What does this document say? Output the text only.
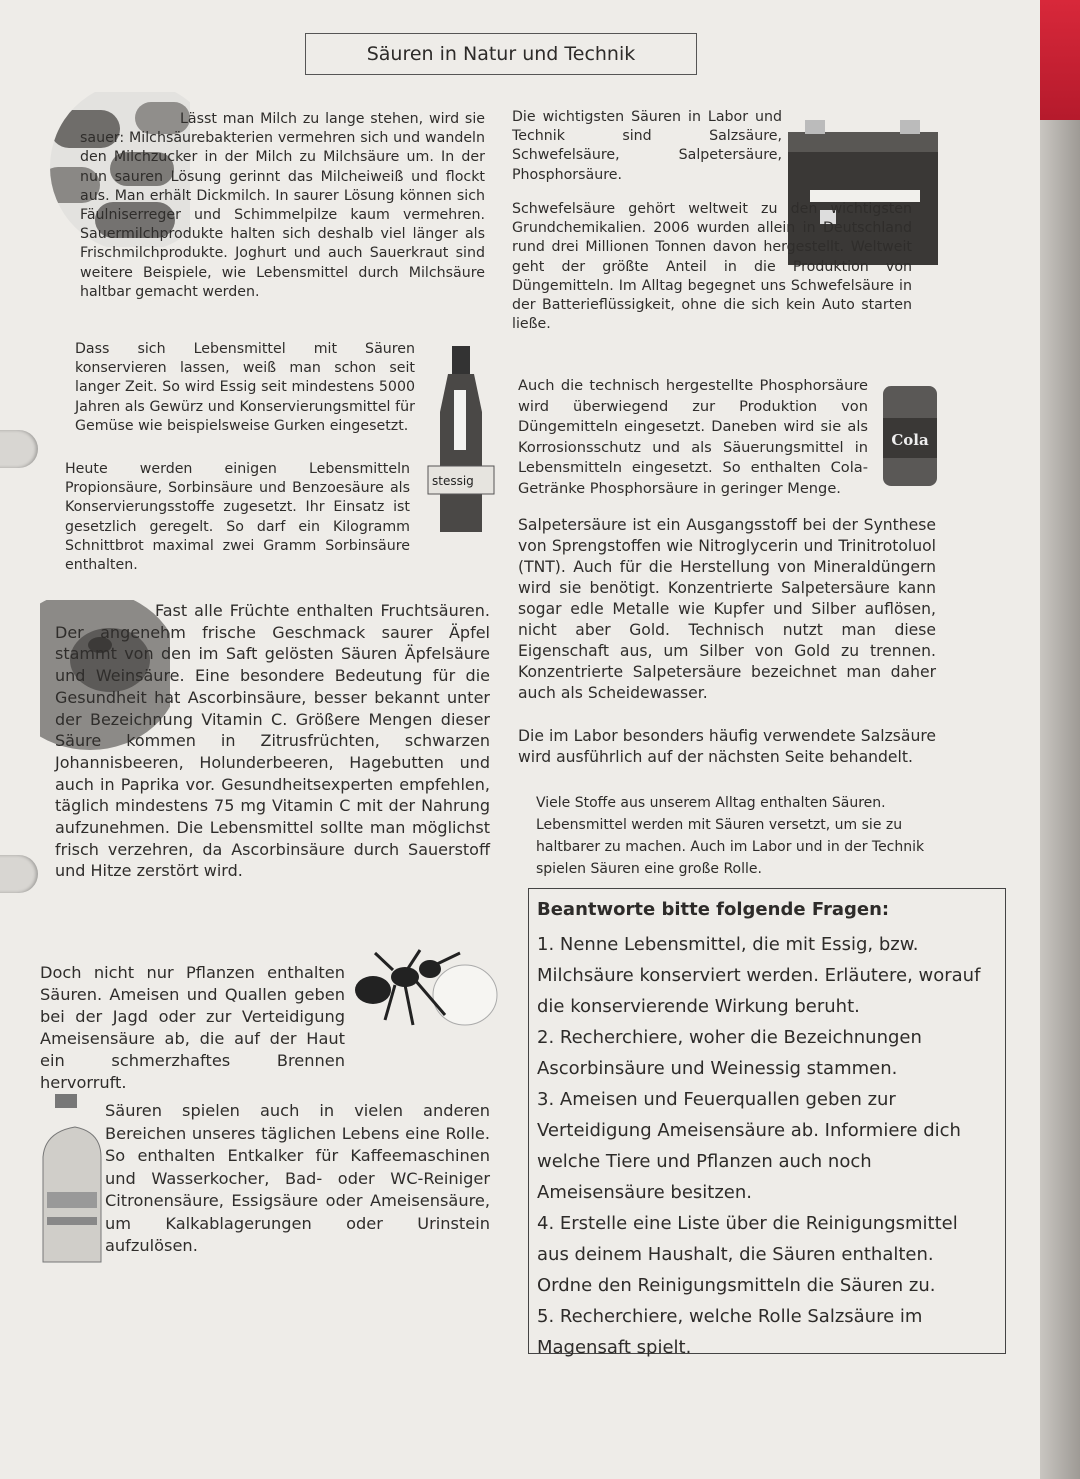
Säuren in Natur und Technik
Lässt man Milch zu lange stehen, wird sie sauer: Milchsäurebakterien vermehren sich und wandeln den Milchzucker in der Milch zu Milchsäure um. In der nun sauren Lösung gerinnt das Milcheiweiß und flockt aus. Man erhält Dickmilch. In saurer Lösung können sich Fäulniserreger und Schimmelpilze kaum vermehren. Sauermilchprodukte halten sich deshalb viel länger als Frischmilchprodukte. Joghurt und auch Sauerkraut sind weitere Beispiele, wie Lebensmittel durch Milchsäure haltbar gemacht werden.
stessig
Dass sich Lebensmittel mit Säuren konservieren lassen, weiß man schon seit langer Zeit. So wird Essig seit mindestens 5000 Jahren als Gewürz und Konservierungsmittel für Gemüse wie beispielsweise Gurken eingesetzt.
Heute werden einigen Lebensmitteln Propionsäure, Sorbinsäure und Benzoesäure als Konservierungsstoffe zugesetzt. Ihr Einsatz ist gesetzlich geregelt. So darf ein Kilogramm Schnittbrot maximal zwei Gramm Sorbinsäure enthalten.
Fast alle Früchte enthalten Fruchtsäuren. Der angenehm frische Geschmack saurer Äpfel stammt von den im Saft gelösten Säuren Äpfelsäure und Weinsäure. Eine besondere Bedeutung für die Gesundheit hat Ascorbinsäure, besser bekannt unter der Bezeichnung Vitamin C. Größere Mengen dieser Säure kommen in Zitrusfrüchten, schwarzen Johannisbeeren, Holunderbeeren, Hagebutten und auch in Paprika vor. Gesundheitsexperten empfehlen, täglich mindestens 75 mg Vitamin C mit der Nahrung aufzunehmen. Die Lebensmittel sollte man möglichst frisch verzehren, da Ascorbinsäure durch Sauerstoff und Hitze zerstört wird.
Doch nicht nur Pflanzen enthalten Säuren. Ameisen und Quallen geben bei der Jagd oder zur Verteidigung Ameisensäure ab, die auf der Haut ein schmerzhaftes Brennen hervorruft.
Säuren spielen auch in vielen anderen Bereichen unseres täglichen Lebens eine Rolle. So enthalten Entkalker für Kaffeemaschinen und Wasserkocher, Bad- oder WC-Reiniger Citronensäure, Essigsäure oder Ameisensäure, um Kalkablagerungen oder Urinstein aufzulösen.
Die wichtigsten Säuren in Labor und Technik sind Salzsäure, Schwefelsäure, Salpetersäure, Phosphorsäure.
Schwefelsäure gehört weltweit zu den wichtigsten Grundchemikalien. 2006 wurden allein in Deutschland rund drei Millionen Tonnen davon hergestellt. Weltweit geht der größte Anteil in die Produktion von Düngemitteln. Im Alltag begegnet uns Schwefelsäure in der Batterieflüssigkeit, ohne die sich kein Auto starten ließe.
Cola
Auch die technisch hergestellte Phosphorsäure wird überwiegend zur Produktion von Düngemitteln eingesetzt. Daneben wird sie als Korrosionsschutz und als Säuerungsmittel in Lebensmitteln eingesetzt. So enthalten Cola-Getränke Phosphorsäure in geringer Menge.
Salpetersäure ist ein Ausgangsstoff bei der Synthese von Sprengstoffen wie Nitroglycerin und Trinitrotoluol (TNT). Auch für die Herstellung von Mineraldüngern wird sie benötigt. Konzentrierte Salpetersäure kann sogar edle Metalle wie Kupfer und Silber auflösen, nicht aber Gold. Technisch nutzt man diese Eigenschaft aus, um Silber von Gold zu trennen. Konzentrierte Salpetersäure bezeichnet man daher auch als Scheidewasser.
Die im Labor besonders häufig verwendete Salzsäure wird ausführlich auf der nächsten Seite behandelt.
Viele Stoffe aus unserem Alltag enthalten Säuren. Lebensmittel werden mit Säuren versetzt, um sie zu haltbarer zu machen. Auch im Labor und in der Technik spielen Säuren eine große Rolle.
Beantworte bitte folgende Fragen:
1. Nenne Lebensmittel, die mit Essig, bzw. Milchsäure konserviert werden. Erläutere, worauf die konservierende Wirkung beruht.
2. Recherchiere, woher die Bezeichnungen Ascorbinsäure und Weinessig stammen.
3. Ameisen und Feuerquallen geben zur Verteidigung Ameisensäure ab. Informiere dich welche Tiere und Pflanzen auch noch Ameisensäure besitzen.
4. Erstelle eine Liste über die Reinigungsmittel aus deinem Haushalt, die Säuren enthalten. Ordne den Reinigungsmitteln die Säuren zu.
5. Recherchiere, welche Rolle Salzsäure im Magensaft spielt.
